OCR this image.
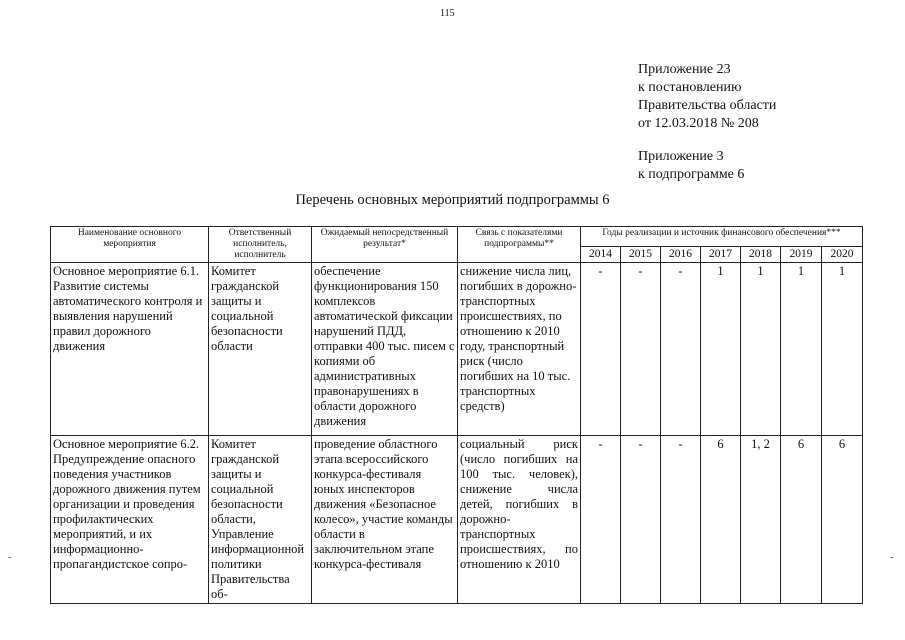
115
Приложение 23
к постановлению
Правительства области
от 12.03.2018 № 208
Приложение 3
к подпрограмме 6
Перечень основных мероприятий подпрограммы 6
Наименование основного мероприятия	Ответственный исполнитель, исполнитель	Ожидаемый непосредственный результат*	Связь с показателями подпрограммы**	Годы реализации и источник финансового обеспечения***						
				2014	2015	2016	2017	2018	2019	2020
Основное мероприятие 6.1. Развитие системы автоматического контроля и выявления нарушений правил дорожного движения	Комитет гражданской защиты и социальной безопасности области	обеспечение функционирования 150 комплексов автоматической фиксации нарушений ПДД, отправки 400 тыс. писем с копиями об административных правонарушениях в области дорожного движения	снижение числа лиц, погибших в дорожно-транспортных происшествиях, по отношению к 2010 году, транспортный риск (число погибших на 10 тыс. транспортных средств)	-	-	-	1	1	1	1
Основное мероприятие 6.2. Предупреждение опасного поведения участников дорожного движения путем организации и проведения профилактических мероприятий, и их информационно-пропагандистское сопро-	Комитет гражданской защиты и социальной безопасности области, Управление информационной политики Правительства об-	проведение областного этапа всероссийского конкурса-фестиваля юных инспекторов движения «Безопасное колесо», участие команды области в заключительном этапе конкурса-фестиваля	социальный риск (число погибших на 100 тыс. человек), снижение числа детей, погибших в дорожно-транспортных происшествиях, по отношению к 2010	-	-	-	6	1, 2	6	6
-	-
